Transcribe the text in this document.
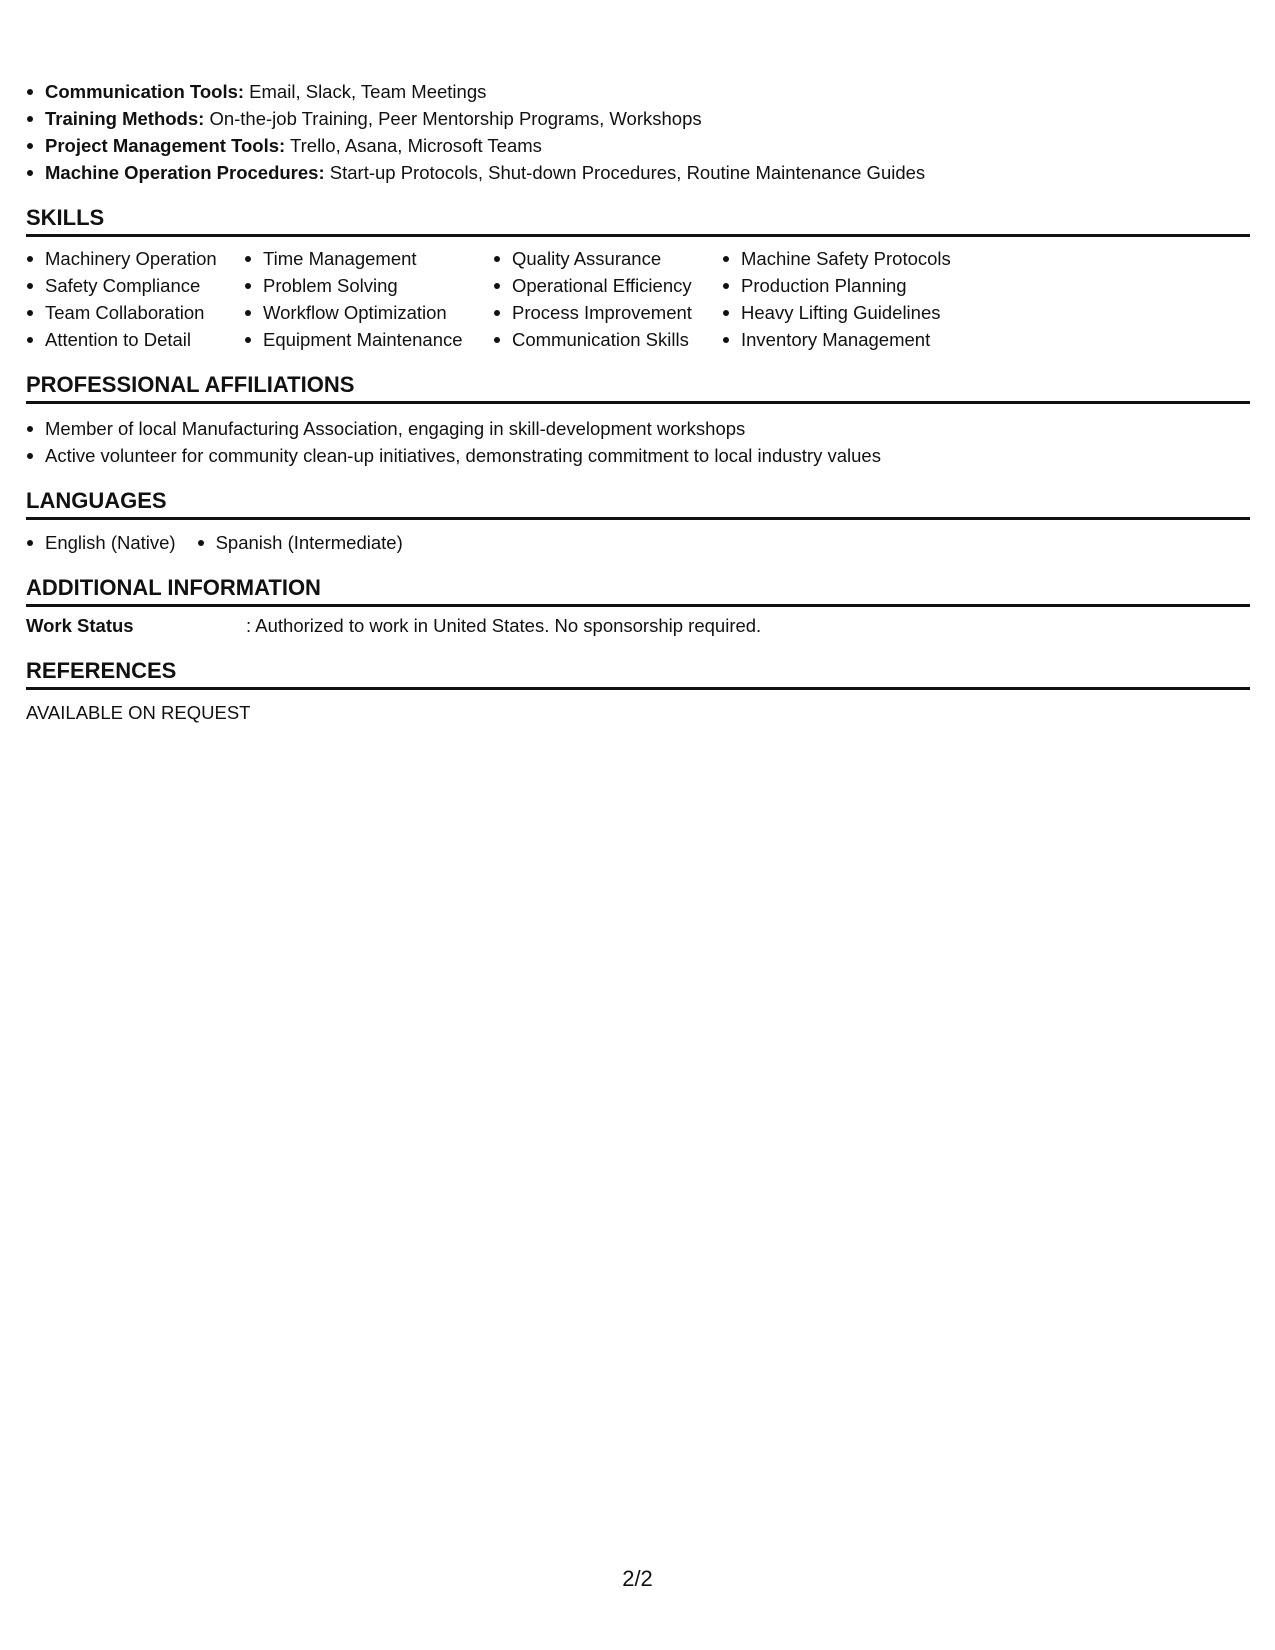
Communication Tools: Email, Slack, Team Meetings
Training Methods: On-the-job Training, Peer Mentorship Programs, Workshops
Project Management Tools: Trello, Asana, Microsoft Teams
Machine Operation Procedures: Start-up Protocols, Shut-down Procedures, Routine Maintenance Guides
SKILLS
Machinery Operation
Safety Compliance
Team Collaboration
Attention to Detail
Time Management
Problem Solving
Workflow Optimization
Equipment Maintenance
Quality Assurance
Operational Efficiency
Process Improvement
Communication Skills
Machine Safety Protocols
Production Planning
Heavy Lifting Guidelines
Inventory Management
PROFESSIONAL AFFILIATIONS
Member of local Manufacturing Association, engaging in skill-development workshops
Active volunteer for community clean-up initiatives, demonstrating commitment to local industry values
LANGUAGES
English (Native)	Spanish (Intermediate)
ADDITIONAL INFORMATION
Work Status	: Authorized to work in United States. No sponsorship required.
REFERENCES
AVAILABLE ON REQUEST
2/2
